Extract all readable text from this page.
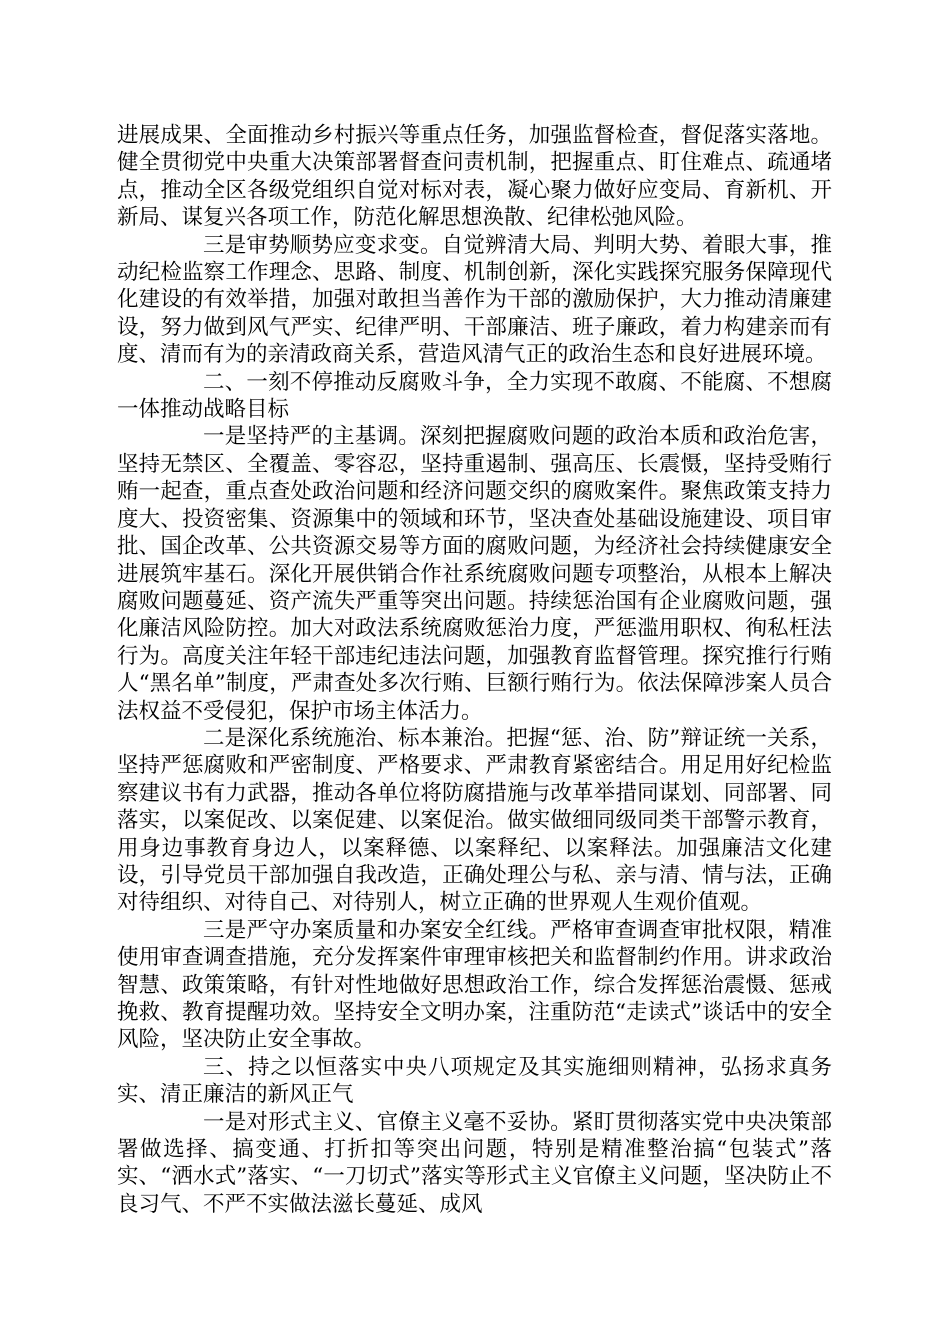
进展成果、全面推动乡村振兴等重点任务，加强监督检查，督促落实落地。健全贯彻党中央重大决策部署督查问责机制，把握重点、盯住难点、疏通堵点，推动全区各级党组织自觉对标对表，凝心聚力做好应变局、育新机、开新局、谋复兴各项工作，防范化解思想涣散、纪律松弛风险。

三是审势顺势应变求变。自觉辨清大局、判明大势、着眼大事，推动纪检监察工作理念、思路、制度、机制创新，深化实践探究服务保障现代化建设的有效举措，加强对敢担当善作为干部的激励保护，大力推动清廉建设，努力做到风气严实、纪律严明、干部廉洁、班子廉政，着力构建亲而有度、清而有为的亲清政商关系，营造风清气正的政治生态和良好进展环境。

二、一刻不停推动反腐败斗争，全力实现不敢腐、不能腐、不想腐一体推动战略目标

一是坚持严的主基调。深刻把握腐败问题的政治本质和政治危害，坚持无禁区、全覆盖、零容忍，坚持重遏制、强高压、长震慑，坚持受贿行贿一起查，重点查处政治问题和经济问题交织的腐败案件。聚焦政策支持力度大、投资密集、资源集中的领域和环节，坚决查处基础设施建设、项目审批、国企改革、公共资源交易等方面的腐败问题，为经济社会持续健康安全进展筑牢基石。深化开展供销合作社系统腐败问题专项整治，从根本上解决腐败问题蔓延、资产流失严重等突出问题。持续惩治国有企业腐败问题，强化廉洁风险防控。加大对政法系统腐败惩治力度，严惩滥用职权、徇私枉法行为。高度关注年轻干部违纪违法问题，加强教育监督管理。探究推行行贿人“黑名单”制度，严肃查处多次行贿、巨额行贿行为。依法保障涉案人员合法权益不受侵犯，保护市场主体活力。

二是深化系统施治、标本兼治。把握“惩、治、防”辩证统一关系，坚持严惩腐败和严密制度、严格要求、严肃教育紧密结合。用足用好纪检监察建议书有力武器，推动各单位将防腐措施与改革举措同谋划、同部署、同落实，以案促改、以案促建、以案促治。做实做细同级同类干部警示教育，用身边事教育身边人，以案释德、以案释纪、以案释法。加强廉洁文化建设，引导党员干部加强自我改造，正确处理公与私、亲与清、情与法，正确对待组织、对待自己、对待别人，树立正确的世界观人生观价值观。

三是严守办案质量和办案安全红线。严格审查调查审批权限，精准使用审查调查措施，充分发挥案件审理审核把关和监督制约作用。讲求政治智慧、政策策略，有针对性地做好思想政治工作，综合发挥惩治震慑、惩戒挽救、教育提醒功效。坚持安全文明办案，注重防范“走读式”谈话中的安全风险，坚决防止安全事故。

三、持之以恒落实中央八项规定及其实施细则精神，弘扬求真务实、清正廉洁的新风正气

一是对形式主义、官僚主义毫不妥协。紧盯贯彻落实党中央决策部署做选择、搞变通、打折扣等突出问题，特别是精准整治搞“包装式”落实、“洒水式”落实、“一刀切式”落实等形式主义官僚主义问题，坚决防止不良习气、不严不实做法滋长蔓延、成风
